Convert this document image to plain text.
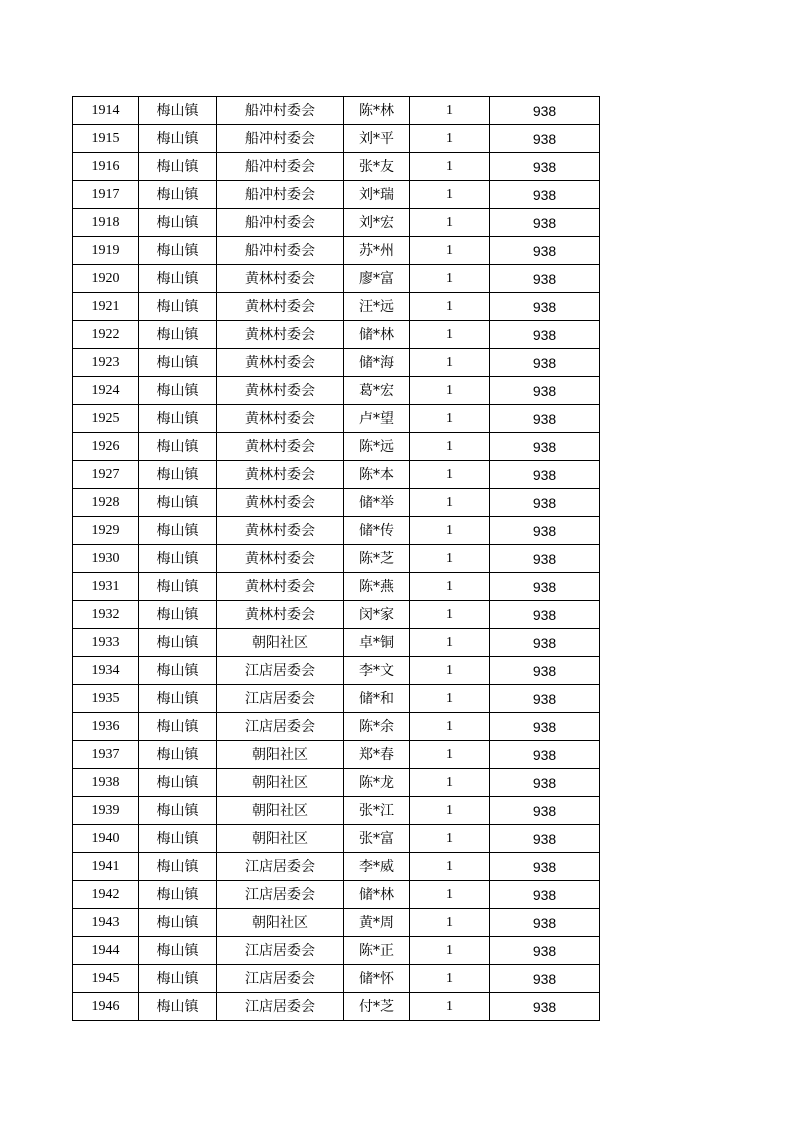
1914	梅山镇	船冲村委会	陈*林	1	938
1915	梅山镇	船冲村委会	刘*平	1	938
1916	梅山镇	船冲村委会	张*友	1	938
1917	梅山镇	船冲村委会	刘*瑞	1	938
1918	梅山镇	船冲村委会	刘*宏	1	938
1919	梅山镇	船冲村委会	苏*州	1	938
1920	梅山镇	黄林村委会	廖*富	1	938
1921	梅山镇	黄林村委会	汪*远	1	938
1922	梅山镇	黄林村委会	储*林	1	938
1923	梅山镇	黄林村委会	储*海	1	938
1924	梅山镇	黄林村委会	葛*宏	1	938
1925	梅山镇	黄林村委会	卢*望	1	938
1926	梅山镇	黄林村委会	陈*远	1	938
1927	梅山镇	黄林村委会	陈*本	1	938
1928	梅山镇	黄林村委会	储*举	1	938
1929	梅山镇	黄林村委会	储*传	1	938
1930	梅山镇	黄林村委会	陈*芝	1	938
1931	梅山镇	黄林村委会	陈*燕	1	938
1932	梅山镇	黄林村委会	闵*家	1	938
1933	梅山镇	朝阳社区	卓*铜	1	938
1934	梅山镇	江店居委会	李*文	1	938
1935	梅山镇	江店居委会	储*和	1	938
1936	梅山镇	江店居委会	陈*余	1	938
1937	梅山镇	朝阳社区	郑*春	1	938
1938	梅山镇	朝阳社区	陈*龙	1	938
1939	梅山镇	朝阳社区	张*江	1	938
1940	梅山镇	朝阳社区	张*富	1	938
1941	梅山镇	江店居委会	李*威	1	938
1942	梅山镇	江店居委会	储*林	1	938
1943	梅山镇	朝阳社区	黄*周	1	938
1944	梅山镇	江店居委会	陈*正	1	938
1945	梅山镇	江店居委会	储*怀	1	938
1946	梅山镇	江店居委会	付*芝	1	938
